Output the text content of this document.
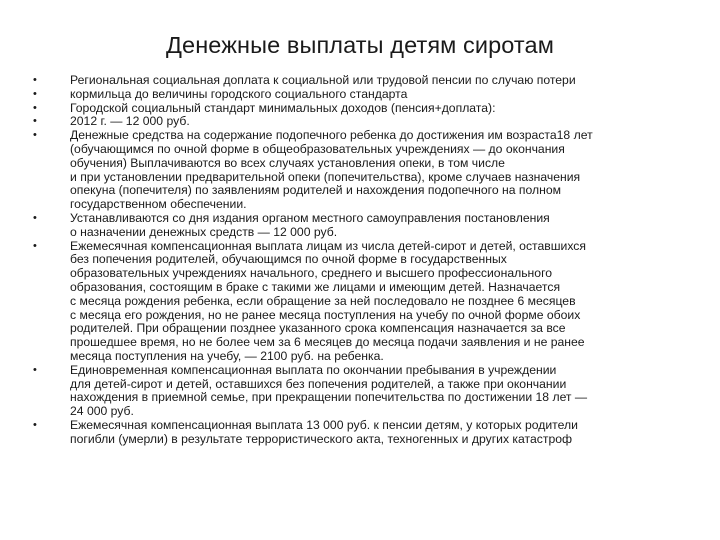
Денежные выплаты детям сиротам
•	Региональная социальная доплата к социальной или трудовой пенсии по случаю потери
•	кормильца до величины городского социального стандарта
•	Городской социальный стандарт минимальных доходов (пенсия+доплата):
•	2012 г. — 12 000 руб.
•	Денежные средства на содержание подопечного ребенка до достижения им возраста18 лет
(обучающимся по очной форме в общеобразовательных учреждениях — до окончания
обучения) Выплачиваются во всех случаях установления опеки, в том числе
и при установлении предварительной опеки (попечительства), кроме случаев назначения
опекуна (попечителя) по заявлениям родителей и нахождения подопечного на полном
государственном обеспечении.
•	Устанавливаются со дня издания органом местного самоуправления постановления
о назначении денежных средств — 12 000 руб.
•	Ежемесячная компенсационная выплата лицам из числа детей-сирот и детей, оставшихся
без попечения родителей, обучающимся по очной форме в государственных
образовательных учреждениях начального, среднего и высшего профессионального
образования, состоящим в браке с такими же лицами и имеющим детей. Назначается
с месяца рождения ребенка, если обращение за ней последовало не позднее 6 месяцев
с месяца его рождения, но не ранее месяца поступления на учебу по очной форме обоих
родителей. При обращении позднее указанного срока компенсация назначается за все
прошедшее время, но не более чем за 6 месяцев до месяца подачи заявления и не ранее
месяца поступления на учебу, — 2100 руб. на ребенка.
•	Единовременная компенсационная выплата по окончании пребывания в учреждении
для детей-сирот и детей, оставшихся без попечения родителей, а также при окончании
нахождения в приемной семье, при прекращении попечительства по достижении 18 лет —
24 000 руб.
•	Ежемесячная компенсационная выплата 13 000 руб. к пенсии детям, у которых родители
погибли (умерли) в результате террористического акта, техногенных и других катастроф
